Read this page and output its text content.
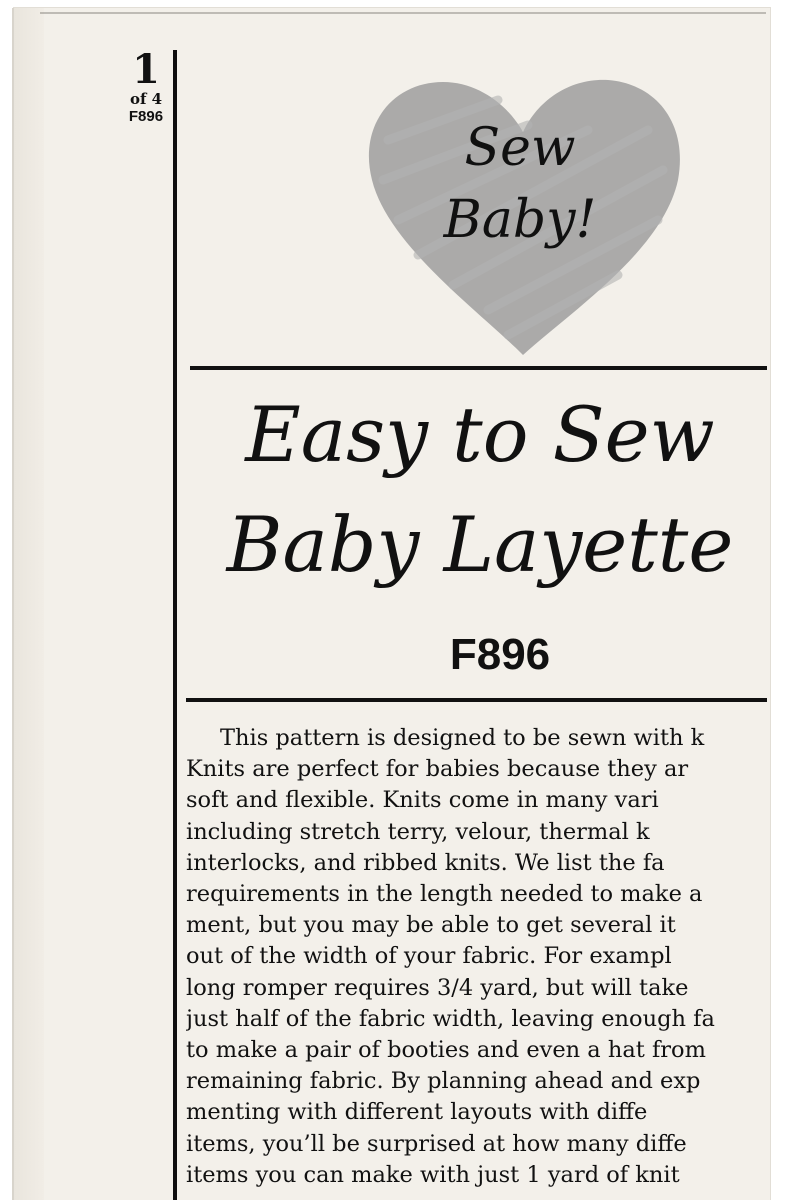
1
of 4
F896
Sew
Baby!
Easy to Sew
Baby Layette
F896
This pattern is designed to be sewn with k
Knits are perfect for babies because they ar
soft and flexible. Knits come in many vari
including stretch terry, velour, thermal k
interlocks, and ribbed knits. We list the fa
requirements in the length needed to make a
ment, but you may be able to get several it
out of the width of your fabric. For exampl
long romper requires 3/4 yard, but will take
just half of the fabric width, leaving enough fa
to make a pair of booties and even a hat from
remaining fabric. By planning ahead and exp
menting with different layouts with diffe
items, you’ll be surprised at how many diffe
items you can make with just 1 yard of knit
